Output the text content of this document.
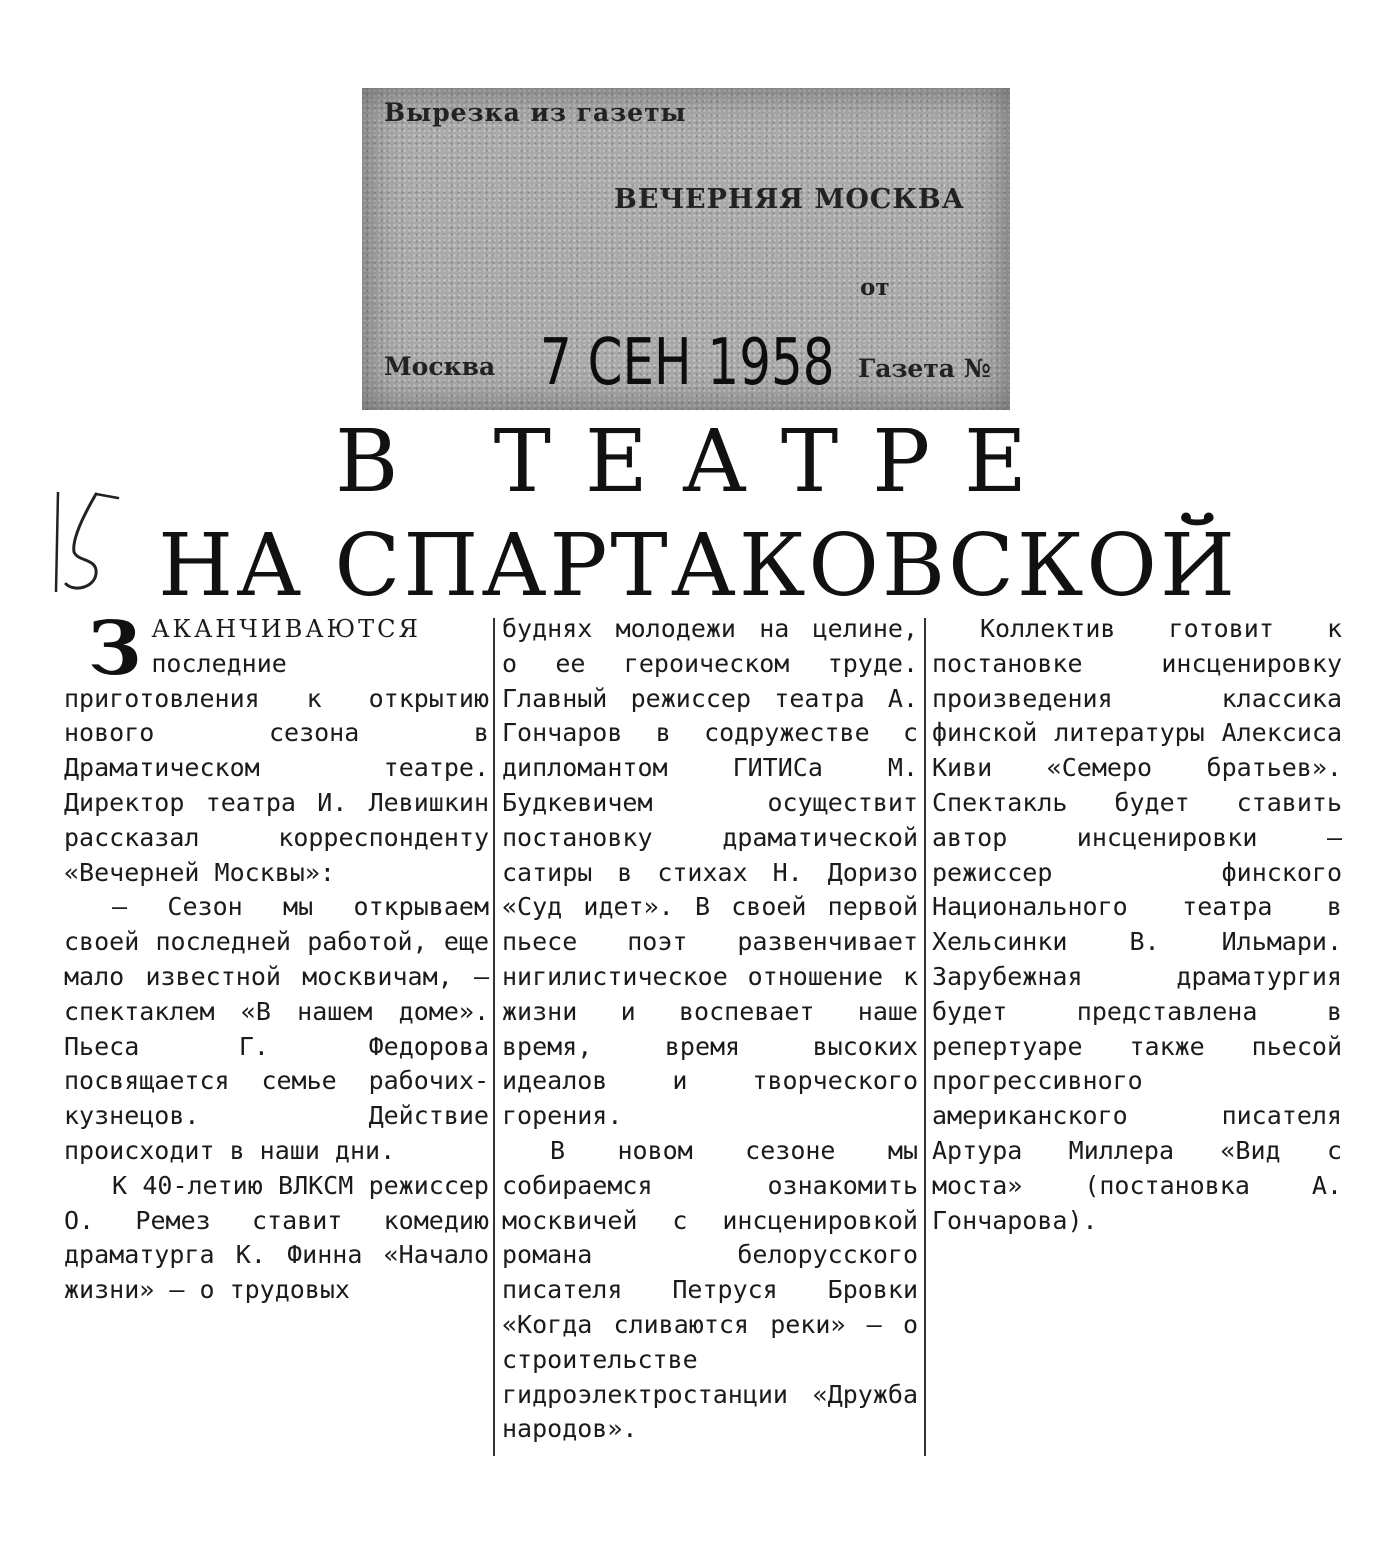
Вырезка из газеты
ВЕЧЕРНЯЯ МОСКВА
от
Москва 7 СЕН 1958 Газета №
В ТЕАТРЕ
НА СПАРТАКОВСКОЙ

ЗАКАНЧИВАЮТСЯ последние приготовления к открытию нового сезона в Драматическом театре. Директор театра И. Левишкин рассказал корреспонденту «Вечерней Москвы»:

— Сезон мы открываем своей последней работой, еще мало известной москвичам, — спектаклем «В нашем доме». Пьеса Г. Федорова посвящается семье рабочих-кузнецов. Действие происходит в наши дни.

К 40-летию ВЛКСМ режиссер О. Ремез ставит комедию драматурга К. Финна «Начало жизни» — о трудовых

буднях молодежи на целине, о ее героическом труде. Главный режиссер театра А. Гончаров в содружестве с дипломантом ГИТИСа М. Будкевичем осуществит постановку драматической сатиры в стихах Н. Доризо «Суд идет». В своей первой пьесе поэт развенчивает нигилистическое отношение к жизни и воспевает наше время, время высоких идеалов и творческого горения.

В новом сезоне мы собираемся ознакомить москвичей с инсценировкой романа белорусского писателя Петруся Бровки «Когда сливаются реки» — о строительстве гидроэлектростанции «Дружба народов».

Коллектив готовит к постановке инсценировку произведения классика финской литературы Алексиса Киви «Семеро братьев». Спектакль будет ставить автор инсценировки — режиссер финского Национального театра в Хельсинки В. Ильмари. Зарубежная драматургия будет представлена в репертуаре также пьесой прогрессивного американского писателя Артура Миллера «Вид с моста» (постановка А. Гончарова).
